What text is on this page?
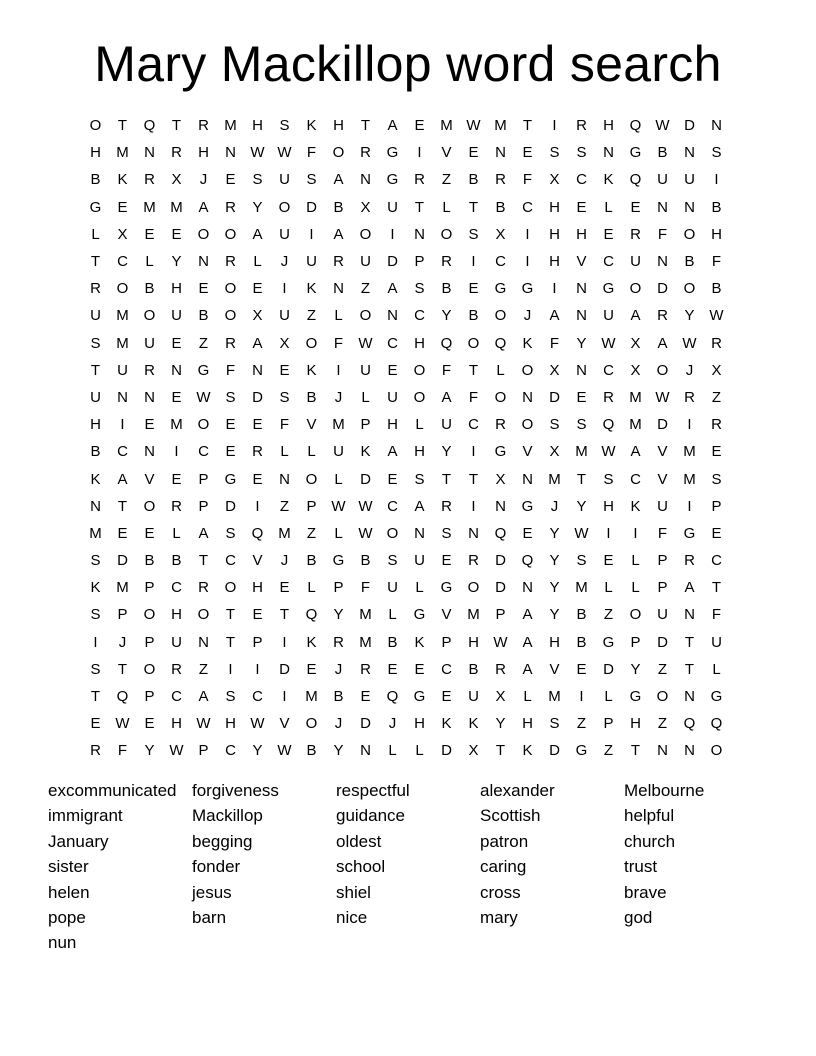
Mary Mackillop word search
O	T	Q	T	R	M	H	S	K	H	T	A	E	M W M	T	I	R	H	Q W D	N
H	M	N	R	H	N W W	F	O	R	G	I	V	E	N	E	S	S	N	G	B	N	S
B	K	R	X	J	E	S	U	S	A	N	G	R	Z	B	R	F	X	C	K	Q	U	U	I
G	E	M M	A	R	Y	O	D	B	X	U	T	L	T	B	C	H	E	L	E	N	N	B
L	X	E	E	O	O	A	U	I	A	O	I	N	O	S	X	I	H	H	E	R	F	O	H
T	C	L	Y	N	R	L	J	U	R	U	D	P	R	I	C	I	H	V	C	U	N	B	F
R	O	B	H	E	O	E	I	K	N	Z	A	S	B	E	G	G	I	N	G	O	D	O	B
U	M O	U	B	O	X	U	Z	L	O	N	C	Y	B	O	J	A	N	U	A	R	Y W
S	M	U	E	Z	R	A	X	O	F	W C	H	Q	O	Q	K	F	Y W X	A W R
T	U	R	N	G	F	N	E	K	I	U	E	O	F	T	L	O	X	N	C	X	O	J	X
U	N	N	E W S	D	S	B	J	L	U	O	A	F	O	N	D	E	R	M W R	Z
H	I	E	M O	E	E	F	V	M	P	H	L	U	C	R	O	S	S	Q M	D	I	R
B	C	N	I	C	E	R	L	L	U	K	A	H	Y	I	G	V	X	M W A	V	M	E
K	A	V	E	P	G	E	N	O	L	D	E	S	T	T	X	N	M	T	S	C	V	M	S
N	T	O	R	P	D	I	Z	P W W C	A	R	I	N	G	J	Y	H	K	U	I	P
M	E	E	L	A	S	Q M	Z	L	W O	N	S	N	Q	E	Y W	I	I	F	G	E
S	D	B	B	T	C	V	J	B	G	B	S	U	E	R	D	Q	Y	S	E	L	P	R	C
K	M	P	C	R	O	H	E	L	P	F	U	L	G	O	D	N	Y	M	L	L	P	A	T
S	P	O	H	O	T	E	T	Q	Y	M	L	G	V	M	P	A	Y	B	Z	O	U	N	F
I	J	P	U	N	T	P	I	K	R	M	B	K	P	H W A	H	B	G	P	D	T	U
S	T	O	R	Z	I	I	D	E	J	R	E	E	C	B	R	A	V	E	D	Y	Z	T	L
T	Q	P	C	A	S	C	I	M	B	E	Q	G	E	U	X	L	M	I	L	G	O	N	G
E W E	H W H W V	O	J	D	J	H	K	K	Y	H	S	Z	P	H	Z	Q	Q
R	F	Y W P	C	Y W B	Y	N	L	L	D	X	T	K	D	G	Z	T	N	N	O
excommunicated forgiveness	respectful	alexander	Melbourne
immigrant	Mackillop	guidance	Scottish	helpful
January	begging	oldest	patron	church
sister	fonder	school	caring	trust
helen	jesus	shiel	cross	brave
pope	barn	nice	mary	god
nun
